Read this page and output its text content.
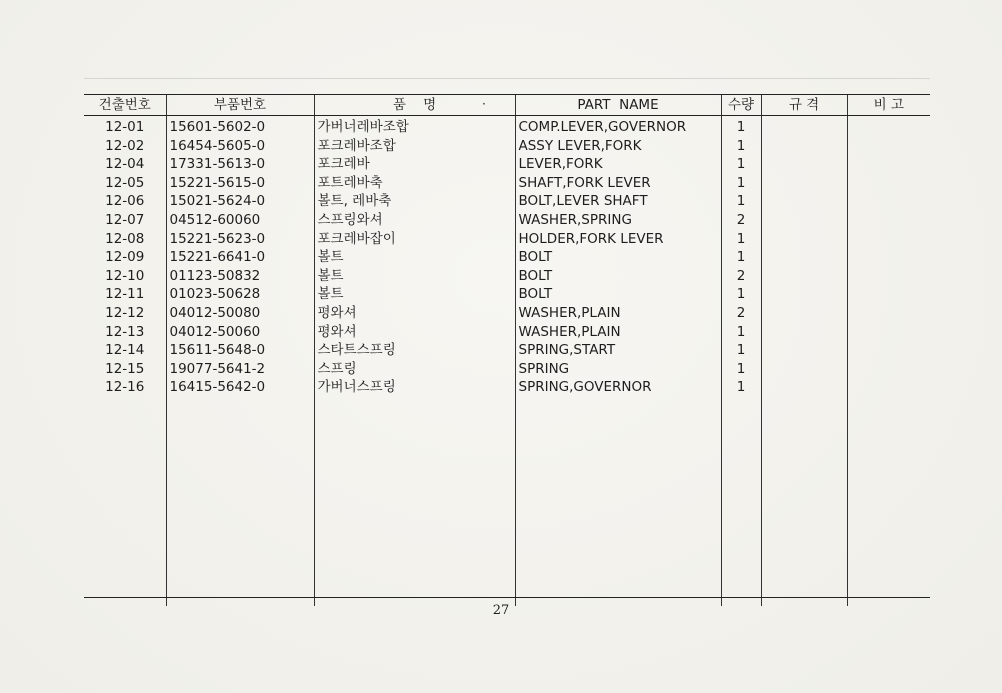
·
건출번호	부품번호	품    명	PART  NAME	수량	규 격	비 고
12-01	15601-5602-0	가버너레바조합	COMP.LEVER,GOVERNOR	1		
12-02	16454-5605-0	포크레바조합	ASSY LEVER,FORK	1		
12-04	17331-5613-0	포크레바	LEVER,FORK	1		
12-05	15221-5615-0	포트레바축	SHAFT,FORK LEVER	1		
12-06	15021-5624-0	볼트, 레바축	BOLT,LEVER SHAFT	1		
12-07	04512-60060	스프링와셔	WASHER,SPRING	2		
12-08	15221-5623-0	포크레바잡이	HOLDER,FORK LEVER	1		
12-09	15221-6641-0	볼트	BOLT	1		
12-10	01123-50832	볼트	BOLT	2		
12-11	01023-50628	볼트	BOLT	1		
12-12	04012-50080	평와셔	WASHER,PLAIN	2		
12-13	04012-50060	평와셔	WASHER,PLAIN	1		
12-14	15611-5648-0	스타트스프링	SPRING,START	1		
12-15	19077-5641-2	스프링	SPRING	1		
12-16	16415-5642-0	가버너스프링	SPRING,GOVERNOR	1		

27
